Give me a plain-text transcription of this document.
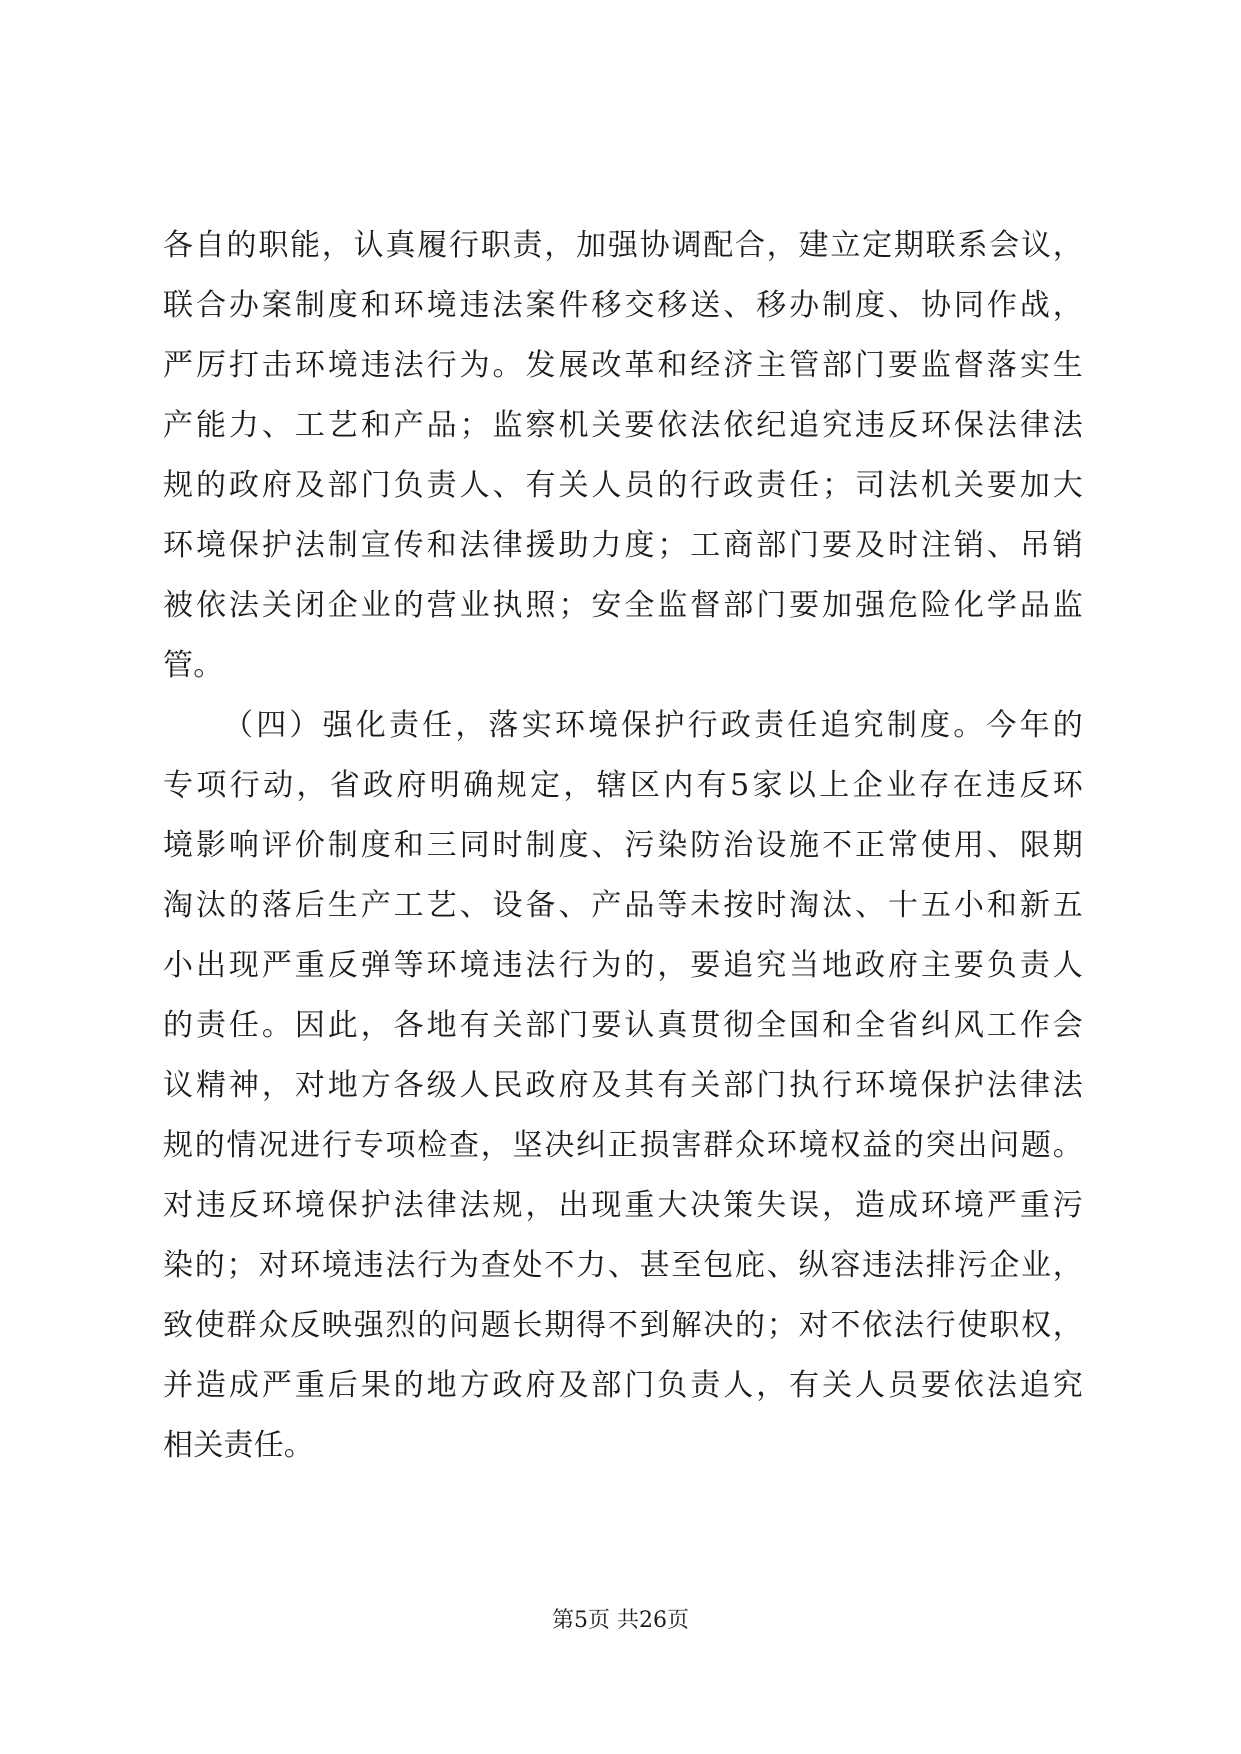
各自的职能，认真履行职责，加强协调配合，建立定期联系会议，
联合办案制度和环境违法案件移交移送、移办制度、协同作战，
严厉打击环境违法行为。发展改革和经济主管部门要监督落实生
产能力、工艺和产品；监察机关要依法依纪追究违反环保法律法
规的政府及部门负责人、有关人员的行政责任；司法机关要加大
环境保护法制宣传和法律援助力度；工商部门要及时注销、吊销
被依法关闭企业的营业执照；安全监督部门要加强危险化学品监
管。
（四）强化责任，落实环境保护行政责任追究制度。今年的
专项行动，省政府明确规定，辖区内有5家以上企业存在违反环
境影响评价制度和三同时制度、污染防治设施不正常使用、限期
淘汰的落后生产工艺、设备、产品等未按时淘汰、十五小和新五
小出现严重反弹等环境违法行为的，要追究当地政府主要负责人
的责任。因此，各地有关部门要认真贯彻全国和全省纠风工作会
议精神，对地方各级人民政府及其有关部门执行环境保护法律法
规的情况进行专项检查，坚决纠正损害群众环境权益的突出问题。
对违反环境保护法律法规，出现重大决策失误，造成环境严重污
染的；对环境违法行为查处不力、甚至包庇、纵容违法排污企业，
致使群众反映强烈的问题长期得不到解决的；对不依法行使职权，
并造成严重后果的地方政府及部门负责人，有关人员要依法追究
相关责任。
第5页 共26页
